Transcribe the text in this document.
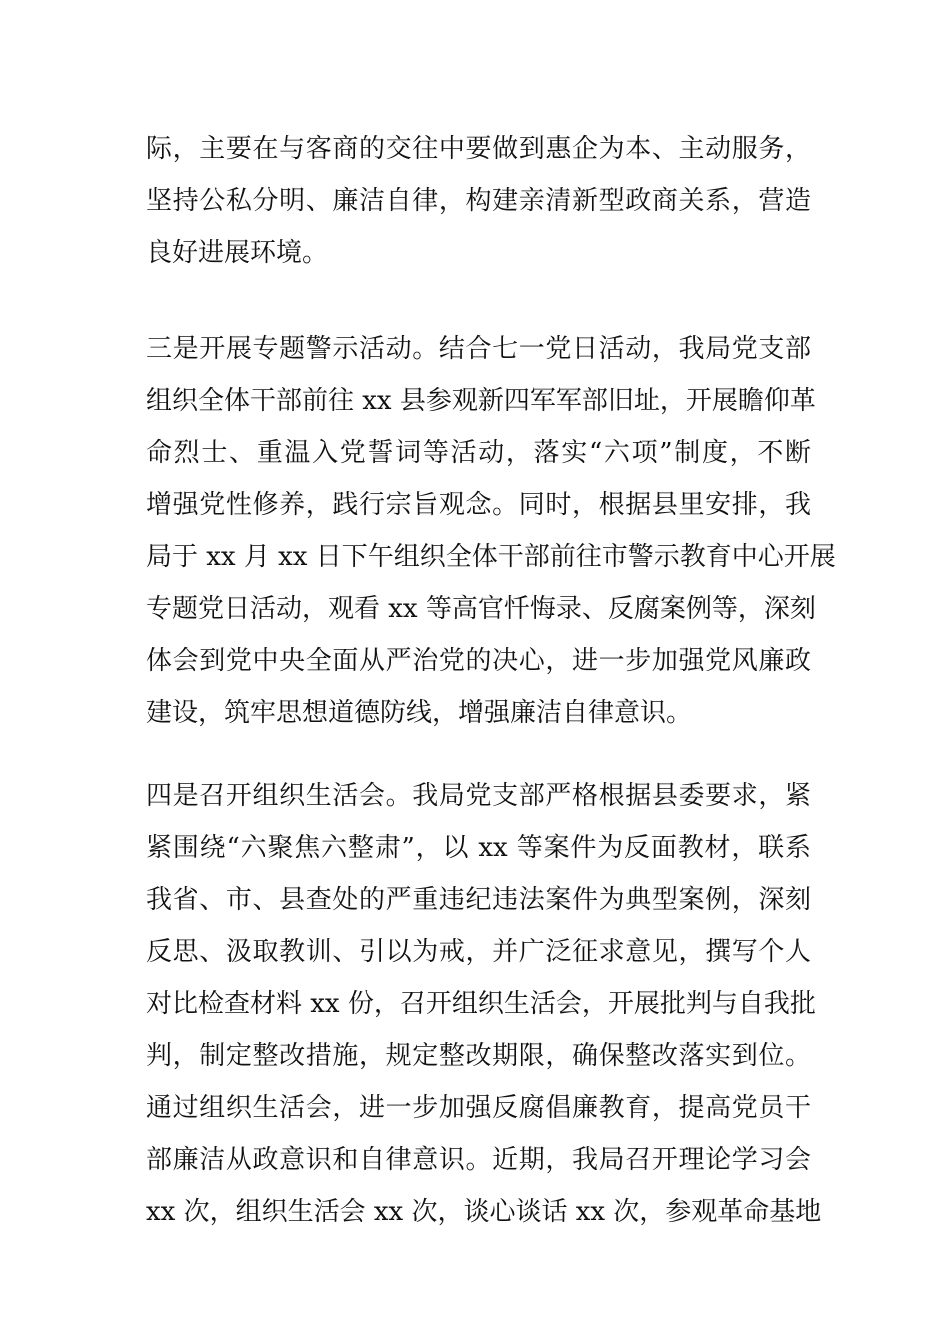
际，主要在与客商的交往中要做到惠企为本、主动服务，
坚持公私分明、廉洁自律，构建亲清新型政商关系，营造
良好进展环境。
三是开展专题警示活动。结合七一党日活动，我局党支部
组织全体干部前往 xx 县参观新四军军部旧址，开展瞻仰革
命烈士、重温入党誓词等活动，落实“六项”制度，不断
增强党性修养，践行宗旨观念。同时，根据县里安排，我
局于 xx 月 xx 日下午组织全体干部前往市警示教育中心开展
专题党日活动，观看 xx 等高官忏悔录、反腐案例等，深刻
体会到党中央全面从严治党的决心，进一步加强党风廉政
建设，筑牢思想道德防线，增强廉洁自律意识。
四是召开组织生活会。我局党支部严格根据县委要求，紧
紧围绕“六聚焦六整肃”，以 xx 等案件为反面教材，联系
我省、市、县查处的严重违纪违法案件为典型案例，深刻
反思、汲取教训、引以为戒，并广泛征求意见，撰写个人
对比检查材料 xx 份，召开组织生活会，开展批判与自我批
判，制定整改措施，规定整改期限，确保整改落实到位。
通过组织生活会，进一步加强反腐倡廉教育，提高党员干
部廉洁从政意识和自律意识。近期，我局召开理论学习会
xx 次，组织生活会 xx 次，谈心谈话 xx 次，参观革命基地
